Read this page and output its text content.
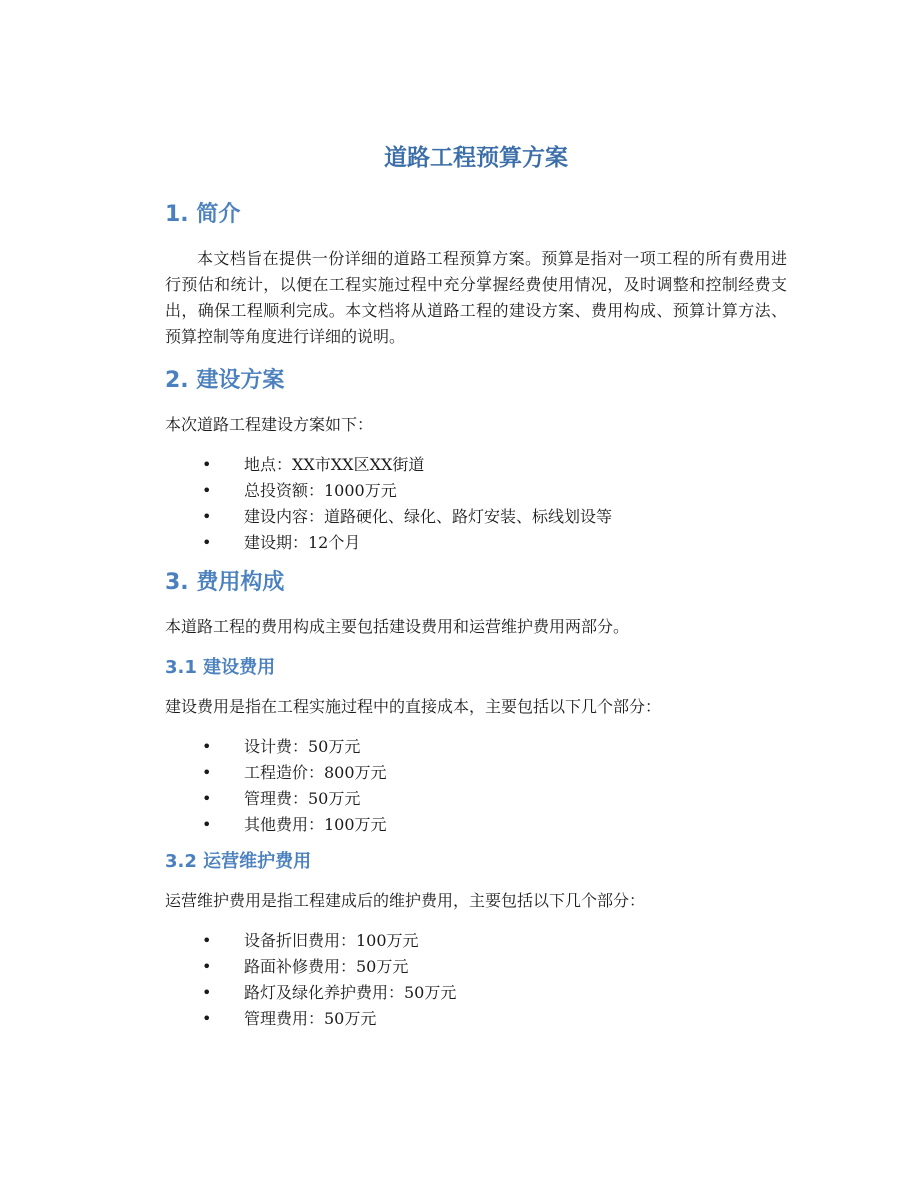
道路工程预算方案
1. 简介

本文档旨在提供一份详细的道路工程预算方案。预算是指对一项工程的所有费用进行预估和统计，以便在工程实施过程中充分掌握经费使用情况，及时调整和控制经费支出，确保工程顺利完成。本文档将从道路工程的建设方案、费用构成、预算计算方法、预算控制等角度进行详细的说明。

2. 建设方案

本次道路工程建设方案如下：

• 地点：XX市XX区XX街道
• 总投资额：1000万元
• 建设内容：道路硬化、绿化、路灯安装、标线划设等
• 建设期：12个月
3. 费用构成

本道路工程的费用构成主要包括建设费用和运营维护费用两部分。

3.1 建设费用

建设费用是指在工程实施过程中的直接成本，主要包括以下几个部分：

• 设计费：50万元
• 工程造价：800万元
• 管理费：50万元
• 其他费用：100万元
3.2 运营维护费用

运营维护费用是指工程建成后的维护费用，主要包括以下几个部分：

• 设备折旧费用：100万元
• 路面补修费用：50万元
• 路灯及绿化养护费用：50万元
• 管理费用：50万元
